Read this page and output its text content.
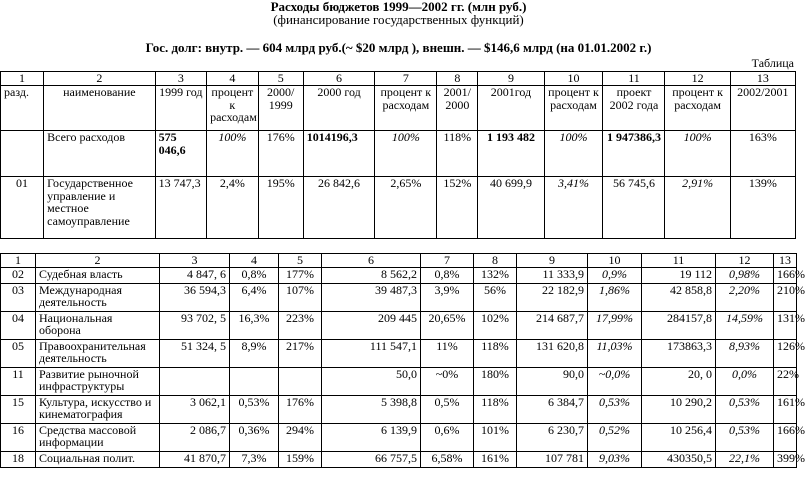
Расходы бюджетов 1999—2002 гг. (млн руб.)
(финансирование государственных функций)
Гос. долг: внутр. — 604 млрд руб.(~ $20 млрд ), внешн. — $146,6 млрд (на 01.01.2002 г.)
Таблица
1	2	3	4	5	6	7	8	9	10	11	12	13
разд.	наименование	1999 год	процент к расходам	2000/ 1999	2000 год	процент к расходам	2001/ 2000	2001год	процент к расходам	проект 2002 года	процент к расходам	2002/2001
	Всего расходов	575 046,6	100%	176%	1014196,3	100%	118%	1 193 482	100%	1 947386,3	100%	163%
01	Государственное управление и местное самоуправление	13 747,3	2,4%	195%	26 842,6	2,65%	152%	40 699,9	3,41%	56 745,6	2,91%	139%
1	2	3	4	5	6	7	8	9	10	11	12	13
02	Судебная власть	4 847, 6	0,8%	177%	8 562,2	0,8%	132%	11 333,9	0,9%	19 112	0,98%	166%
03	Международная деятельность	36 594,3	6,4%	107%	39 487,3	3,9%	56%	22 182,9	1,86%	42 858,8	2,20%	210%
04	Национальная оборона	93 702, 5	16,3%	223%	209 445	20,65%	102%	214 687,7	17,99%	284157,8	14,59%	131%
05	Правоохранительная деятельность	51 324, 5	8,9%	217%	111 547,1	11%	118%	131 620,8	11,03%	173863,3	8,93%	126%
11	Развитие рыночной инфраструктуры				50,0	~0%	180%	90,0	~0,0%	20, 0	0,0%	22%
15	Культура, искусство и кинематография	3 062,1	0,53%	176%	5 398,8	0,5%	118%	6 384,7	0,53%	10 290,2	0,53%	161%
16	Средства массовой информации	2 086,7	0,36%	294%	6 139,9	0,6%	101%	6 230,7	0,52%	10 256,4	0,53%	166%
18	Социальная полит.	41 870,7	7,3%	159%	66 757,5	6,58%	161%	107 781	9,03%	430350,5	22,1%	399%
